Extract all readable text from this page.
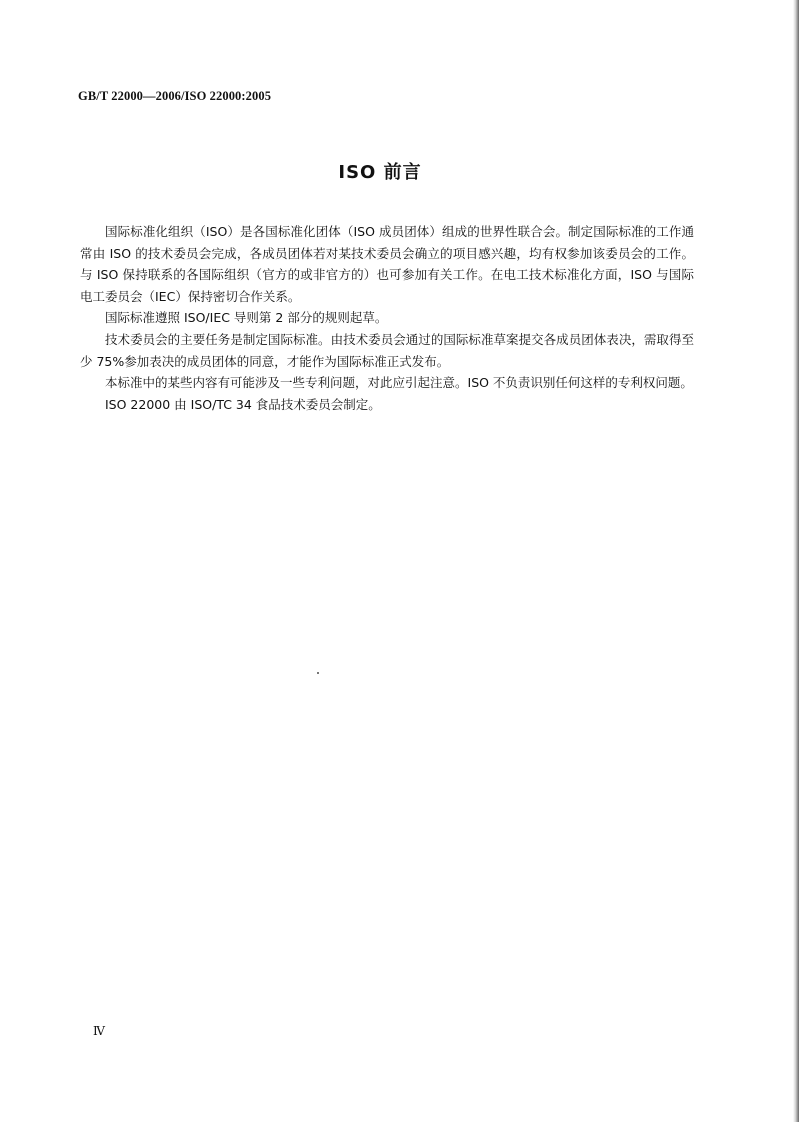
GB/T 22000—2006/ISO 22000:2005
ISO 前言

国际标准化组织（ISO）是各国标准化团体（ISO 成员团体）组成的世界性联合会。制定国际标准的工作通常由 ISO 的技术委员会完成，各成员团体若对某技术委员会确立的项目感兴趣，均有权参加该委员会的工作。与 ISO 保持联系的各国际组织（官方的或非官方的）也可参加有关工作。在电工技术标准化方面，ISO 与国际电工委员会（IEC）保持密切合作关系。

国际标准遵照 ISO/IEC 导则第 2 部分的规则起草。

技术委员会的主要任务是制定国际标准。由技术委员会通过的国际标准草案提交各成员团体表决，需取得至少 75%参加表决的成员团体的同意，才能作为国际标准正式发布。

本标准中的某些内容有可能涉及一些专利问题，对此应引起注意。ISO 不负责识别任何这样的专利权问题。

ISO 22000 由 ISO/TC 34 食品技术委员会制定。

Ⅳ
